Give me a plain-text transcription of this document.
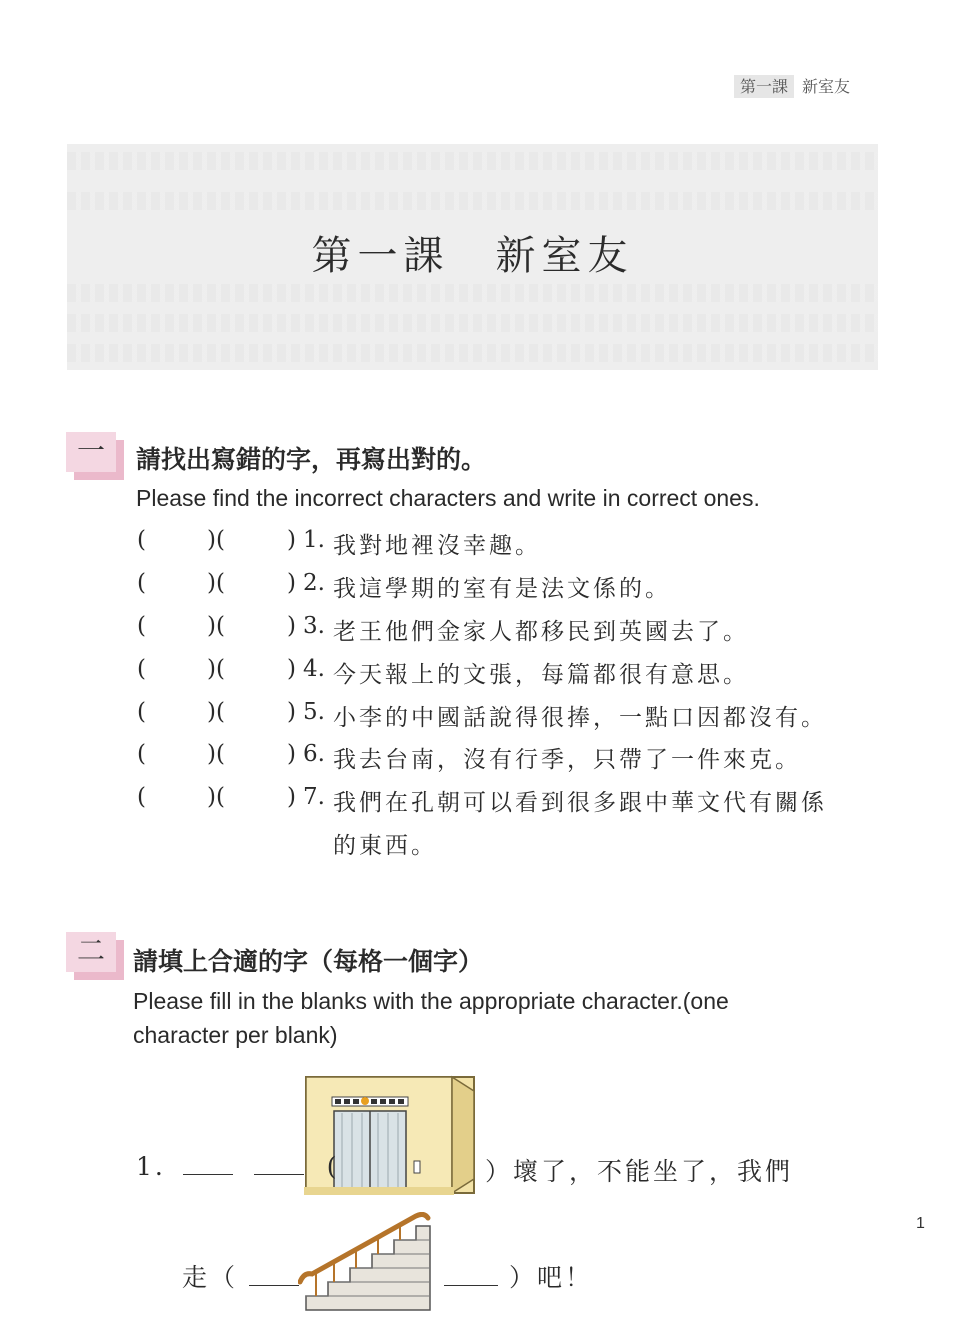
第一課 新室友
第一課　新室友
一	請找出寫錯的字，再寫出對的。
Please find the incorrect characters and write in correct ones.
(	)(	) 1. 我對地裡沒幸趣。
(	)(	) 2. 我這學期的室有是法文係的。
(	)(	) 3. 老王他們金家人都移民到英國去了。
(	)(	) 4. 今天報上的文張，每篇都很有意思。
(	)(	) 5. 小李的中國話說得很捧，一點口因都沒有。
(	)(	) 6. 我去台南，沒有行季，只帶了一件來克。
(	)(	) 7. 我們在孔朝可以看到很多跟中華文代有關係
的東西。
二	請填上合適的字（每格一個字）
Please fill in the blanks with the appropriate character.(one
character per blank)
1.	(	）壞了，不能坐了，我們
走（	）吧！
1
